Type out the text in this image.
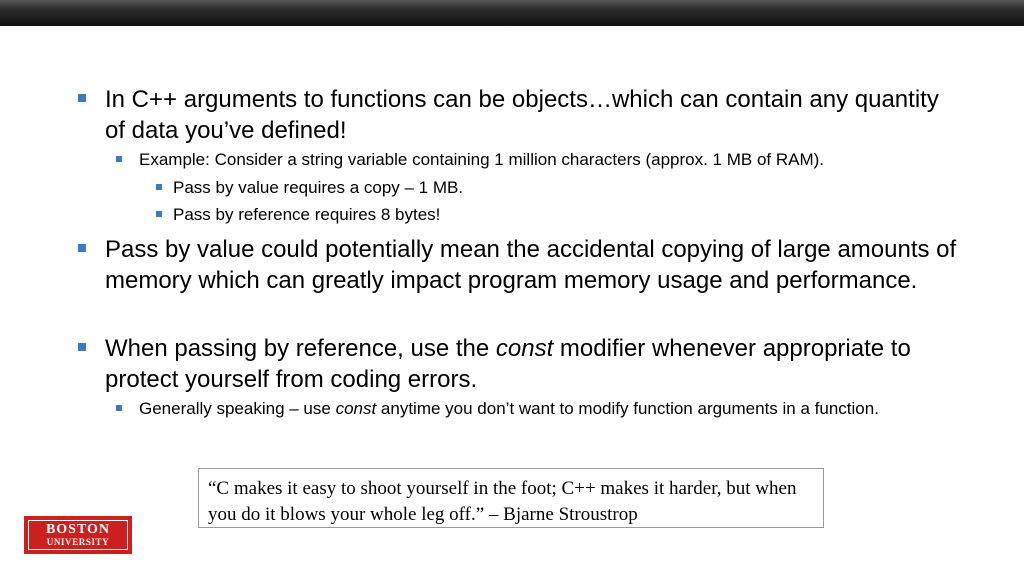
In C++ arguments to functions can be objects…which can contain any quantity of data you’ve defined!
Example: Consider a string variable containing 1 million characters (approx. 1 MB of RAM).
Pass by value requires a copy – 1 MB.
Pass by reference requires 8 bytes!
Pass by value could potentially mean the accidental copying of large amounts of memory which can greatly impact program memory usage and performance.
When passing by reference, use the const modifier whenever appropriate to protect yourself from coding errors.
Generally speaking – use const anytime you don’t want to modify function arguments in a function.
“C makes it easy to shoot yourself in the foot; C++ makes it harder, but when you do it blows your whole leg off.” – Bjarne Stroustrop
BOSTON
UNIVERSITY
